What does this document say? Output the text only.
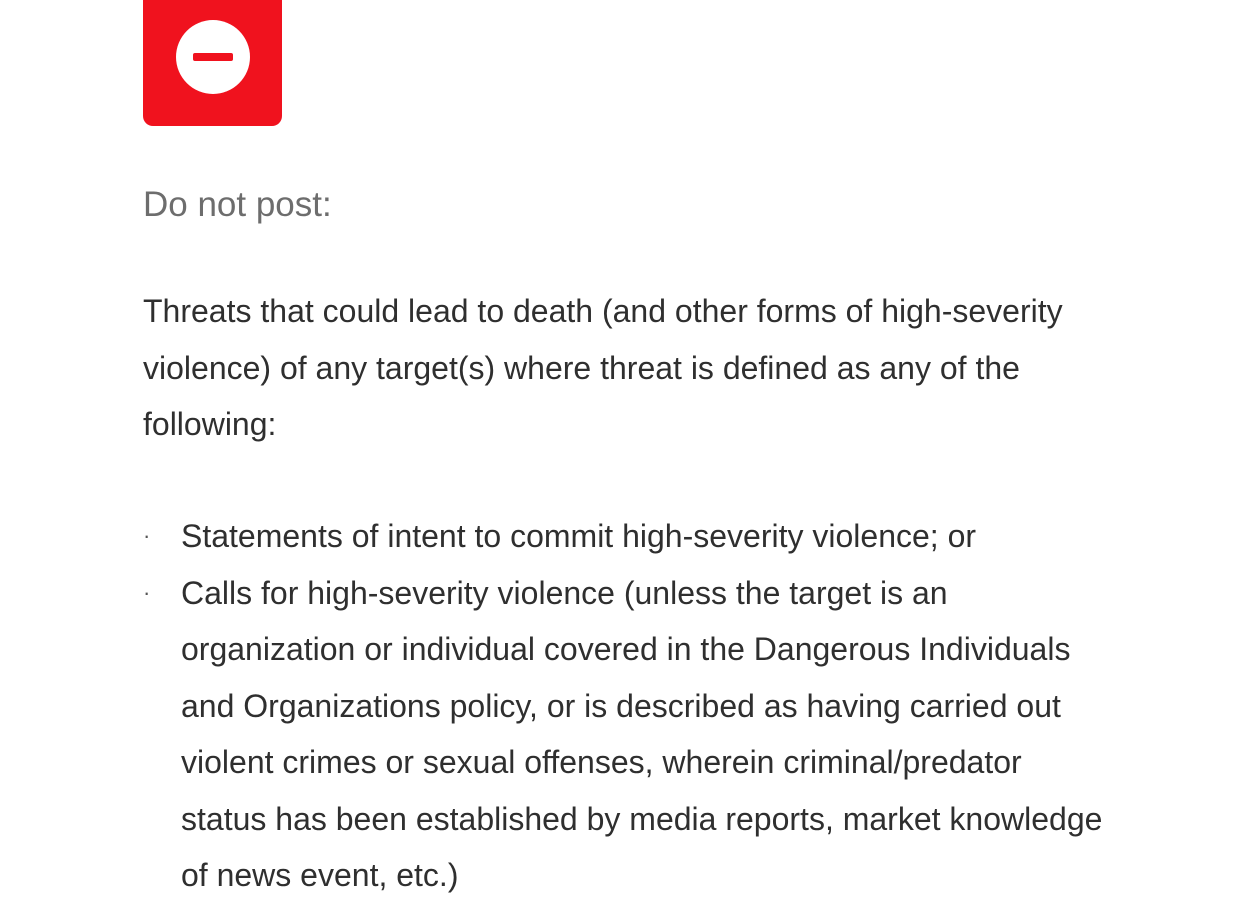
Do not post:

Threats that could lead to death (and other forms of high-severity
violence) of any target(s) where threat is defined as any of the
following:

· Statements of intent to commit high-severity violence; or
· Calls for high-severity violence (unless the target is an
organization or individual covered in the Dangerous Individuals
and Organizations policy, or is described as having carried out
violent crimes or sexual offenses, wherein criminal/predator
status has been established by media reports, market knowledge
of news event, etc.)
